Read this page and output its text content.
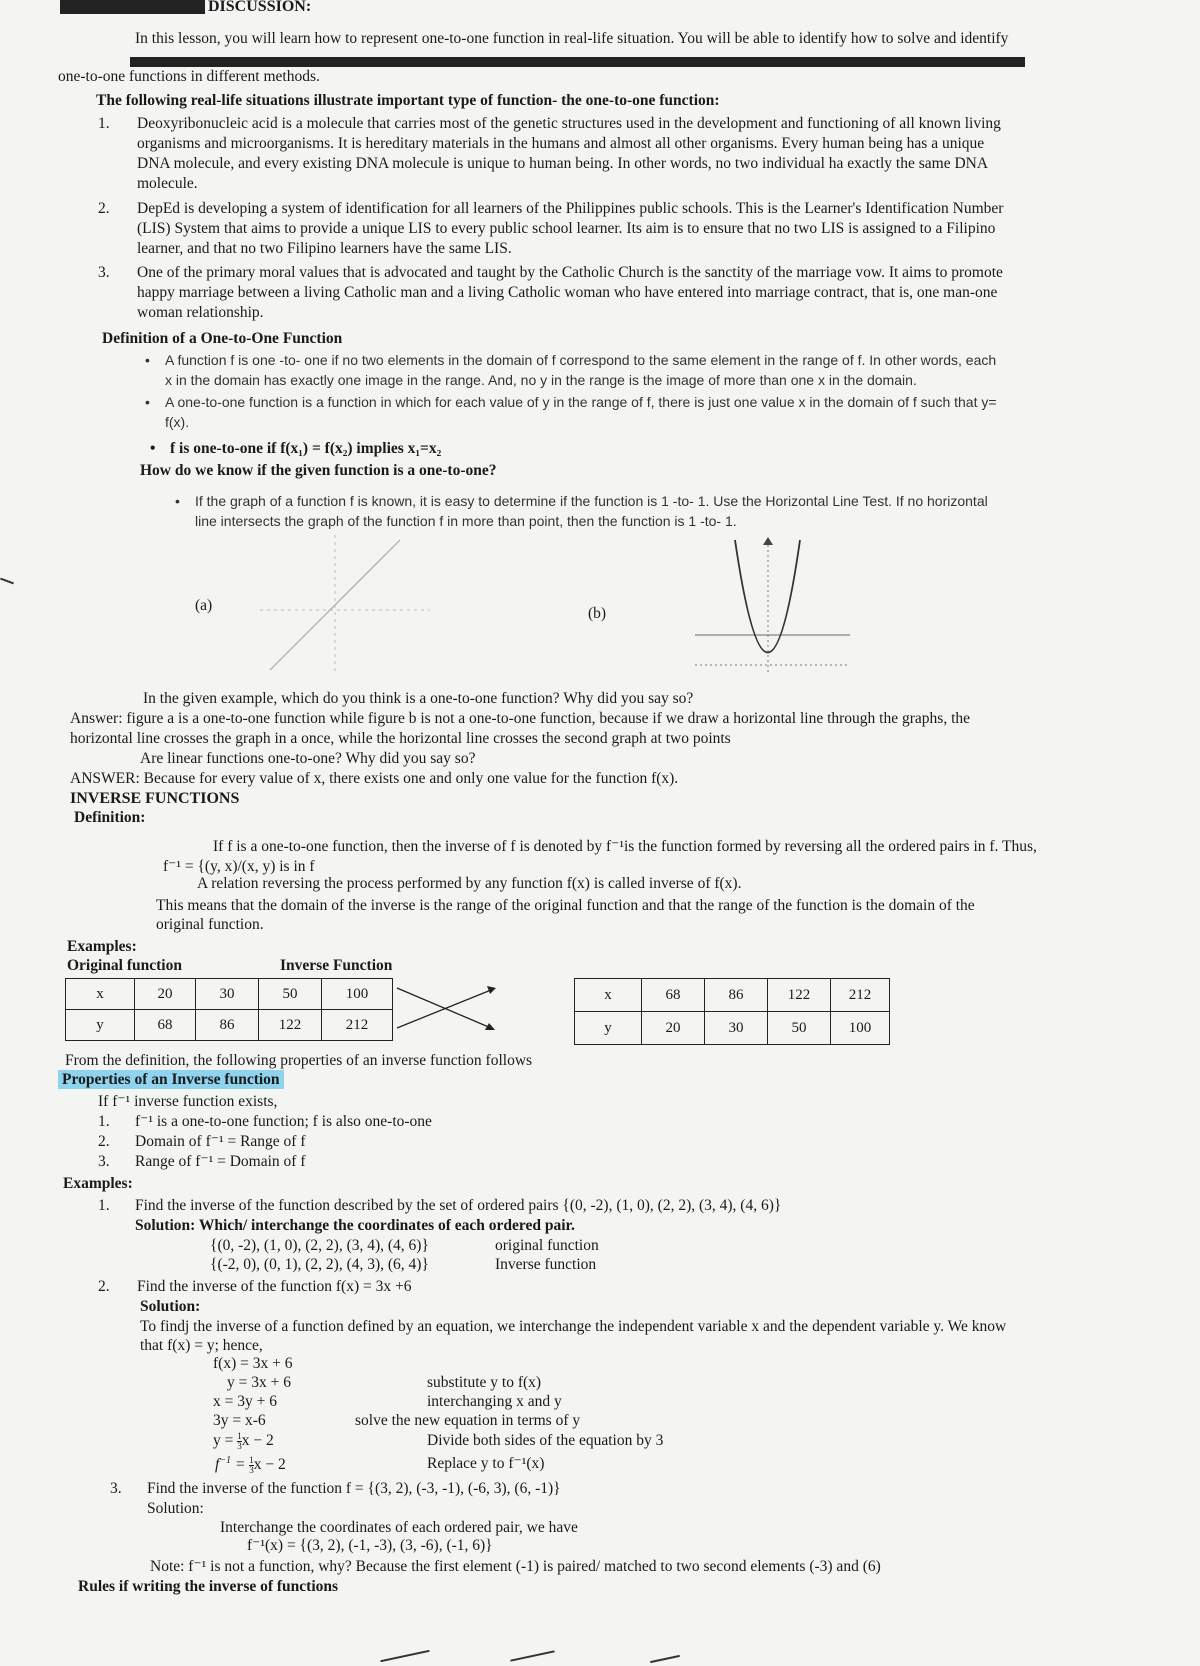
DISCUSSION:
In this lesson, you will learn how to represent one-to-one function in real-life situation. You will be able to identify how to solve and identify
one-to-one functions in different methods.
The following real-life situations illustrate important type of function- the one-to-one function:
1. Deoxyribonucleic acid is a molecule that carries most of the genetic structures used in the development and functioning of all known living
organisms and microorganisms. It is hereditary materials in the humans and almost all other organisms. Every human being has a unique
DNA molecule, and every existing DNA molecule is unique to human being. In other words, no two individual ha exactly the same DNA
molecule.
2. DepEd is developing a system of identification for all learners of the Philippines public schools. This is the Learner's Identification Number
(LIS) System that aims to provide a unique LIS to every public school learner. Its aim is to ensure that no two LIS is assigned to a Filipino
learner, and that no two Filipino learners have the same LIS.
3. One of the primary moral values that is advocated and taught by the Catholic Church is the sanctity of the marriage vow. It aims to promote
happy marriage between a living Catholic man and a living Catholic woman who have entered into marriage contract, that is, one man-one
woman relationship.
Definition of a One-to-One Function
• A function f is one -to- one if no two elements in the domain of f correspond to the same element in the range of f. In other words, each
x in the domain has exactly one image in the range. And, no y in the range is the image of more than one x in the domain.
• A one-to-one function is a function in which for each value of y in the range of f, there is just one value x in the domain of f such that y=
f(x).
• f is one-to-one if f(x₁) = f(x₂) implies x₁=x₂
How do we know if the given function is a one-to-one?
• If the graph of a function f is known, it is easy to determine if the function is 1 -to- 1. Use the Horizontal Line Test. If no horizontal
line intersects the graph of the function f in more than point, then the function is 1 -to- 1.
(a)	(b)
In the given example, which do you think is a one-to-one function? Why did you say so?
Answer: figure a is a one-to-one function while figure b is not a one-to-one function, because if we draw a horizontal line through the graphs, the
horizontal line crosses the graph in a once, while the horizontal line crosses the second graph at two points
Are linear functions one-to-one? Why did you say so?
ANSWER: Because for every value of x, there exists one and only one value for the function f(x).
INVERSE FUNCTIONS
Definition:
If f is a one-to-one function, then the inverse of f is denoted by f⁻¹is the function formed by reversing all the ordered pairs in f. Thus,
f⁻¹ = {(y, x)/(x, y) is in f
A relation reversing the process performed by any function f(x) is called inverse of f(x).
This means that the domain of the inverse is the range of the original function and that the range of the function is the domain of the
original function.
Examples:
Original function	Inverse Function
x	20	30	50	100
y	68	86	122	212
x	68	86	122	212
y	20	30	50	100
From the definition, the following properties of an inverse function follows
Properties of an Inverse function
If f⁻¹ inverse function exists,
1. f⁻¹ is a one-to-one function; f is also one-to-one
2. Domain of f⁻¹ = Range of f
3. Range of f⁻¹ = Domain of f
Examples:
1. Find the inverse of the function described by the set of ordered pairs {(0, -2), (1, 0), (2, 2), (3, 4), (4, 6)}
Solution: Which/ interchange the coordinates of each ordered pair.
{(0, -2), (1, 0), (2, 2), (3, 4), (4, 6)}	original function
{(-2, 0), (0, 1), (2, 2), (4, 3), (6, 4)}	Inverse function
2. Find the inverse of the function f(x) = 3x +6
Solution:
To findj the inverse of a function defined by an equation, we interchange the independent variable x and the dependent variable y. We know
that f(x) = y; hence,
f(x) = 3x + 6
y = 3x + 6	substitute y to f(x)
x = 3y + 6	interchanging x and y
3y = x-6	solve the new equation in terms of y
$y = \frac{1}{3}$ x − 2	Divide both sides of the equation by 3
$f^{-1} = \frac{1}{3}$ x − 2	Replace y to f⁻¹(x)
3. Find the inverse of the function f = {(3, 2), (-3, -1), (-6, 3), (6, -1)}
Solution:
Interchange the coordinates of each ordered pair, we have
f⁻¹(x) = {(3, 2), (-1, -3), (3, -6), (-1, 6)}
Note: f⁻¹ is not a function, why? Because the first element (-1) is paired/ matched to two second elements (-3) and (6)
Rules if writing the inverse of functions
